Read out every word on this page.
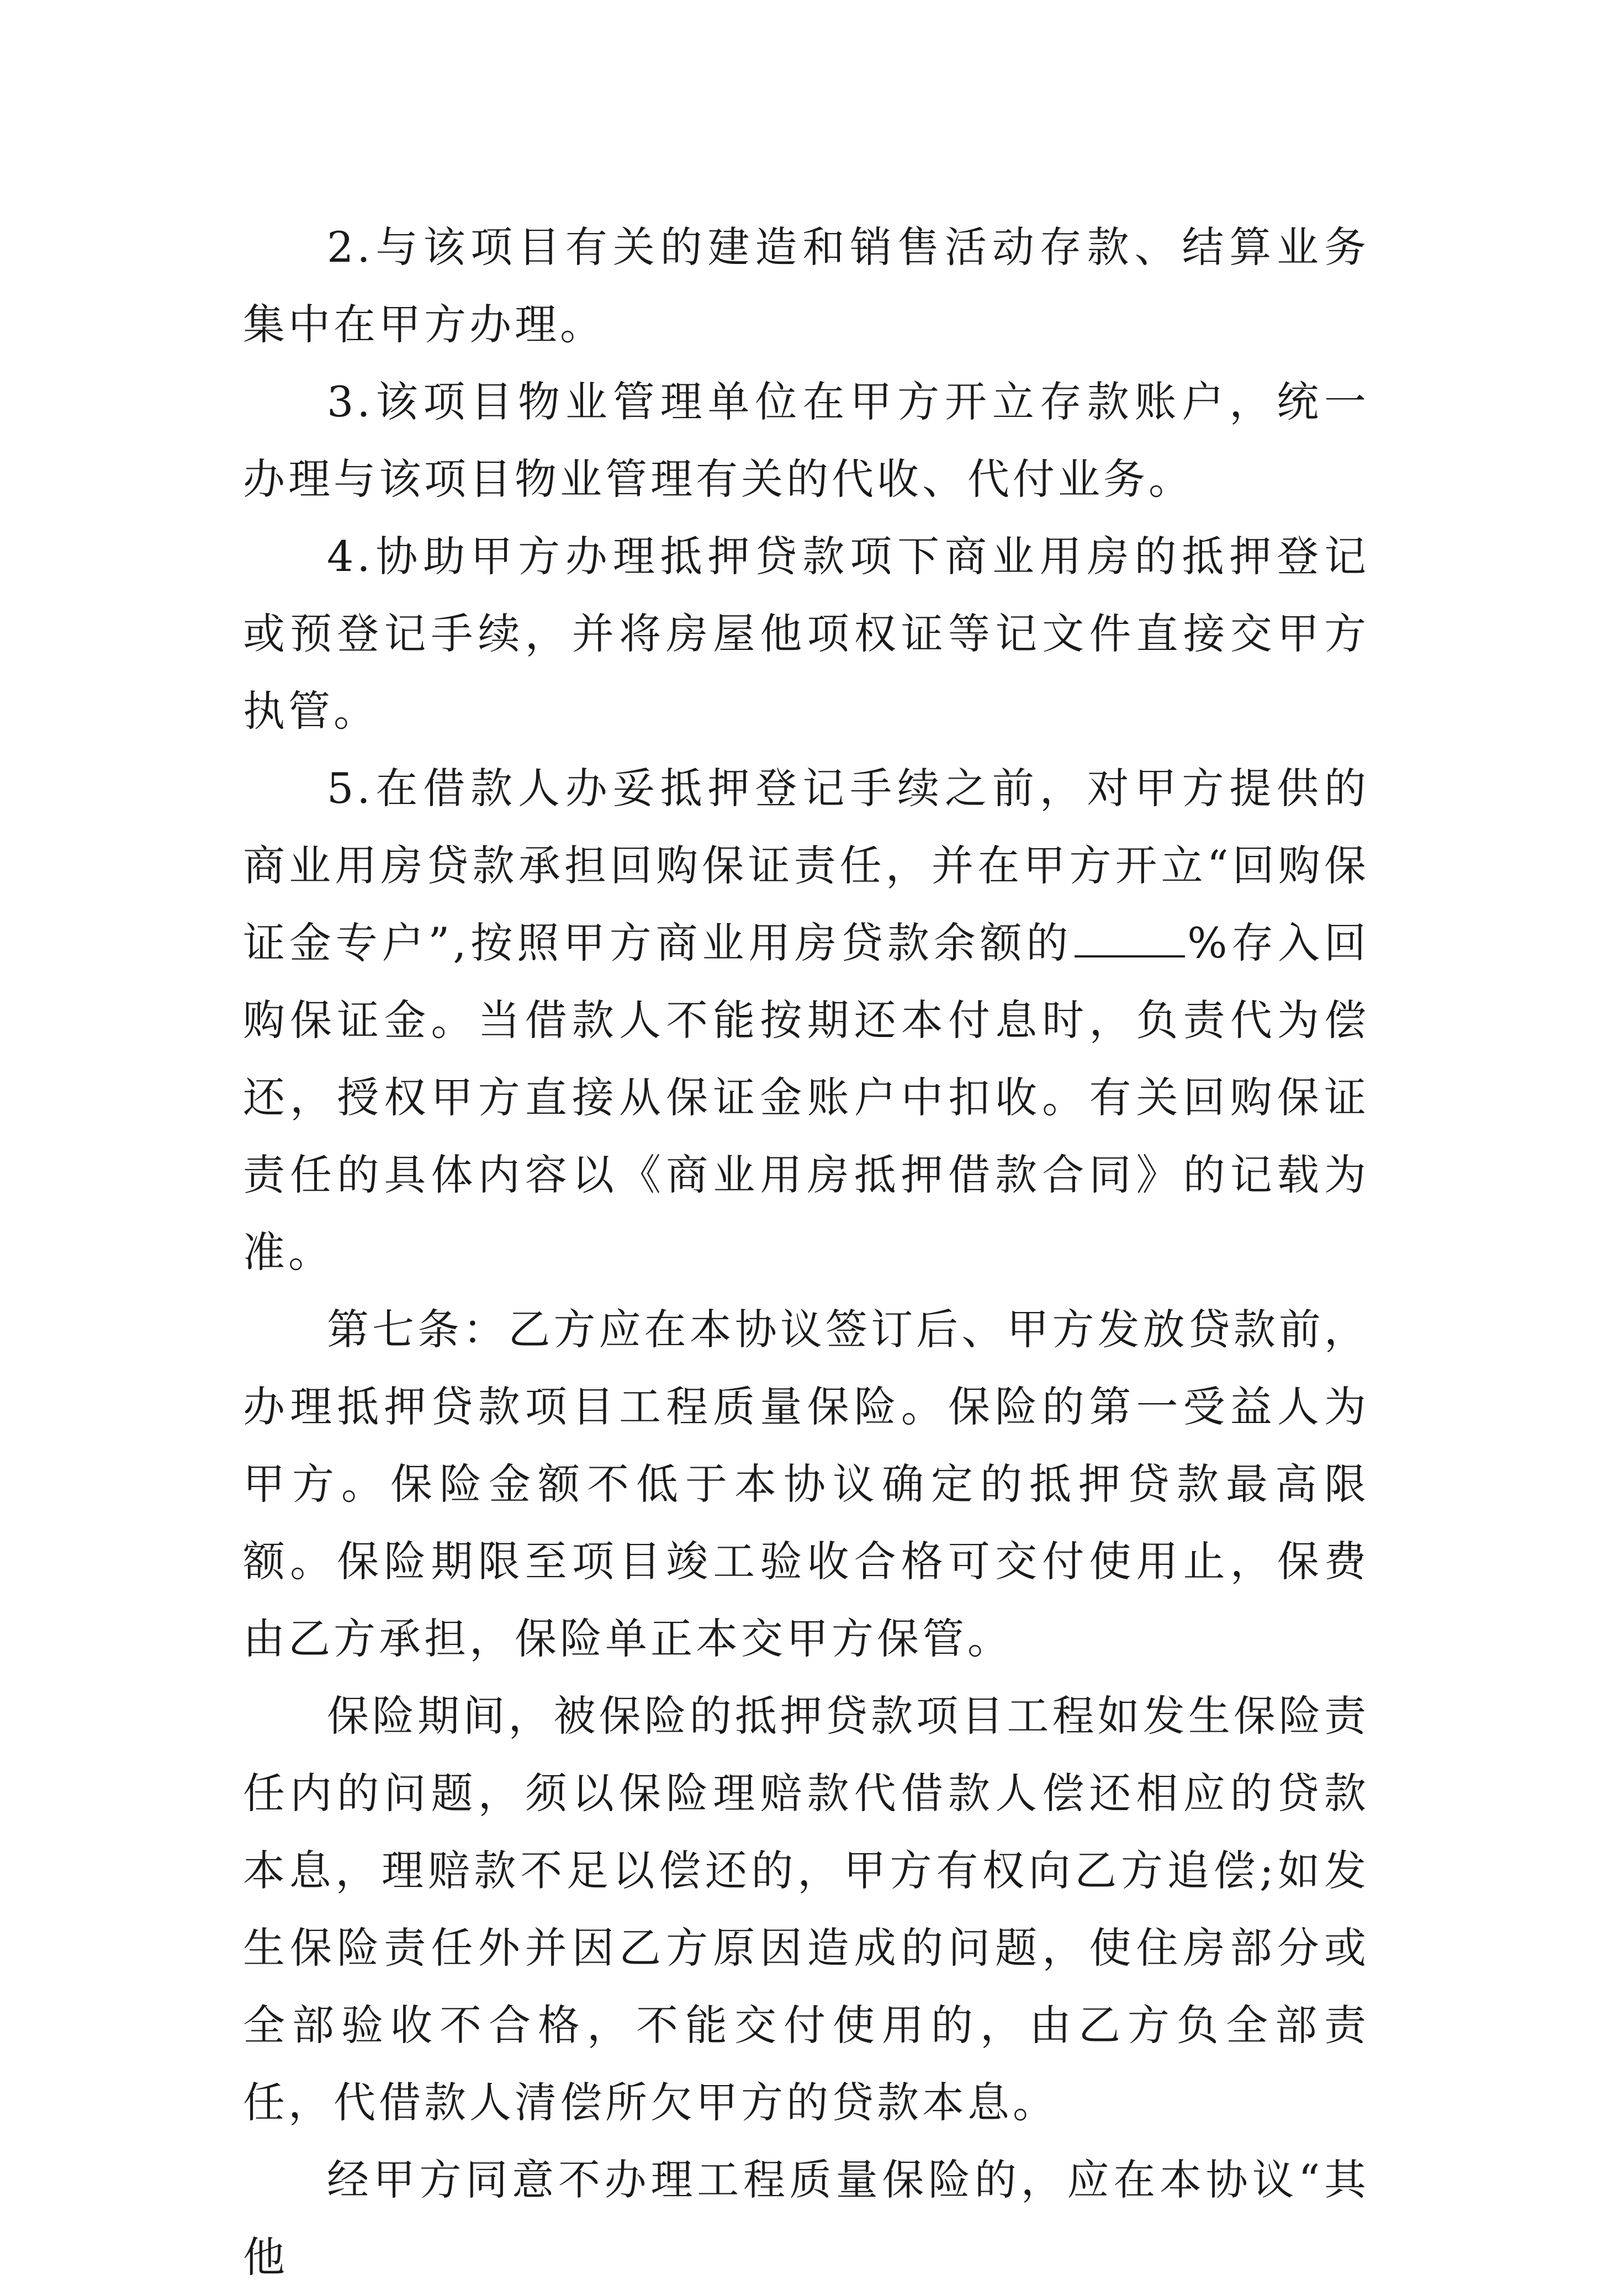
2.与该项目有关的建造和销售活动存款、结算业务集中在甲方办理。

3.该项目物业管理单位在甲方开立存款账户，统一办理与该项目物业管理有关的代收、代付业务。

4.协助甲方办理抵押贷款项下商业用房的抵押登记或预登记手续，并将房屋他项权证等记文件直接交甲方执管。

5.在借款人办妥抵押登记手续之前，对甲方提供的商业用房贷款承担回购保证责任，并在甲方开立“回购保证金专户”,按照甲方商业用房贷款余额的	%存入回购保证金。当借款人不能按期还本付息时，负责代为偿还，授权甲方直接从保证金账户中扣收。有关回购保证责任的具体内容以《商业用房抵押借款合同》的记载为准。

第七条：乙方应在本协议签订后、甲方发放贷款前，办理抵押贷款项目工程质量保险。保险的第一受益人为甲方。保险金额不低于本协议确定的抵押贷款最高限额。保险期限至项目竣工验收合格可交付使用止，保费由乙方承担，保险单正本交甲方保管。

保险期间，被保险的抵押贷款项目工程如发生保险责任内的问题，须以保险理赔款代借款人偿还相应的贷款本息，理赔款不足以偿还的，甲方有权向乙方追偿;如发生保险责任外并因乙方原因造成的问题，使住房部分或全部验收不合格，不能交付使用的，由乙方负全部责任，代借款人清偿所欠甲方的贷款本息。

经甲方同意不办理工程质量保险的，应在本协议“其他
